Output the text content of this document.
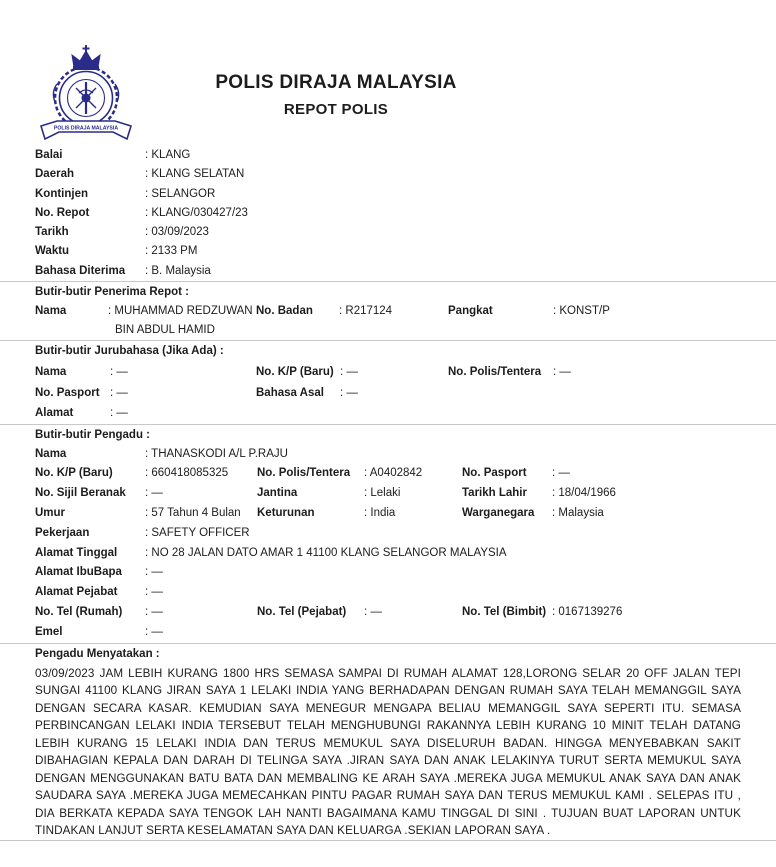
POLIS DIRAJA MALAYSIA
POLIS DIRAJA MALAYSIA
REPOT POLIS
Balai	: KLANG
Daerah	: KLANG SELATAN
Kontinjen	: SELANGOR
No. Repot	: KLANG/030427/23
Tarikh	: 03/09/2023
Waktu	: 2133 PM
Bahasa Diterima	: B. Malaysia
Butir-butir Penerima Repot :
Nama	: MUHAMMAD REDZUWAN No. Badan	: R217124	Pangkat	: KONST/P
BIN ABDUL HAMID
Butir-butir Jurubahasa (Jika Ada) :
Nama	: —	No. K/P (Baru) : —	No. Polis/Tentera	: —
No. Pasport : —	Bahasa Asal	: —
Alamat	: —
Butir-butir Pengadu :
Nama	: THANASKODI A/L P.RAJU
No. K/P (Baru)	: 660418085325	No. Polis/Tentera	: A0402842	No. Pasport	: —
No. Sijil Beranak	: —	Jantina	: Lelaki	Tarikh Lahir	: 18/04/1966
Umur	: 57 Tahun 4 Bulan	Keturunan	: India	Warganegara	: Malaysia
Pekerjaan	: SAFETY OFFICER
Alamat Tinggal	: NO 28 JALAN DATO AMAR 1 41100 KLANG SELANGOR MALAYSIA
Alamat IbuBapa	: —
Alamat Pejabat	: —
No. Tel (Rumah)	: —	No. Tel (Pejabat)	: —	No. Tel (Bimbit) : 0167139276
Emel	: —
Pengadu Menyatakan :
03/09/2023 JAM LEBIH KURANG 1800 HRS SEMASA SAMPAI DI RUMAH ALAMAT 128,LORONG SELAR 20 OFF JALAN TEPI SUNGAI 41100 KLANG JIRAN SAYA 1 LELAKI INDIA YANG BERHADAPAN DENGAN RUMAH SAYA TELAH MEMANGGIL SAYA DENGAN SECARA KASAR. KEMUDIAN SAYA MENEGUR MENGAPA BELIAU MEMANGGIL SAYA SEPERTI ITU. SEMASA PERBINCANGAN LELAKI INDIA TERSEBUT TELAH MENGHUBUNGI RAKANNYA LEBIH KURANG 10 MINIT TELAH DATANG LEBIH KURANG 15 LELAKI INDIA DAN TERUS MEMUKUL SAYA DISELURUH BADAN. HINGGA MENYEBABKAN SAKIT DIBAHAGIAN KEPALA DAN DARAH DI TELINGA SAYA .JIRAN SAYA DAN ANAK LELAKINYA TURUT SERTA MEMUKUL SAYA DENGAN MENGGUNAKAN BATU BATA DAN MEMBALING KE ARAH SAYA .MEREKA JUGA MEMUKUL ANAK SAYA DAN ANAK SAUDARA SAYA .MEREKA JUGA MEMECAHKAN PINTU PAGAR RUMAH SAYA DAN TERUS MEMUKUL KAMI . SELEPAS ITU , DIA BERKATA KEPADA SAYA TENGOK LAH NANTI BAGAIMANA KAMU TINGGAL DI SINI . TUJUAN BUAT LAPORAN UNTUK TINDAKAN LANJUT SERTA KESELAMATAN SAYA DAN KELUARGA .SEKIAN LAPORAN SAYA .
